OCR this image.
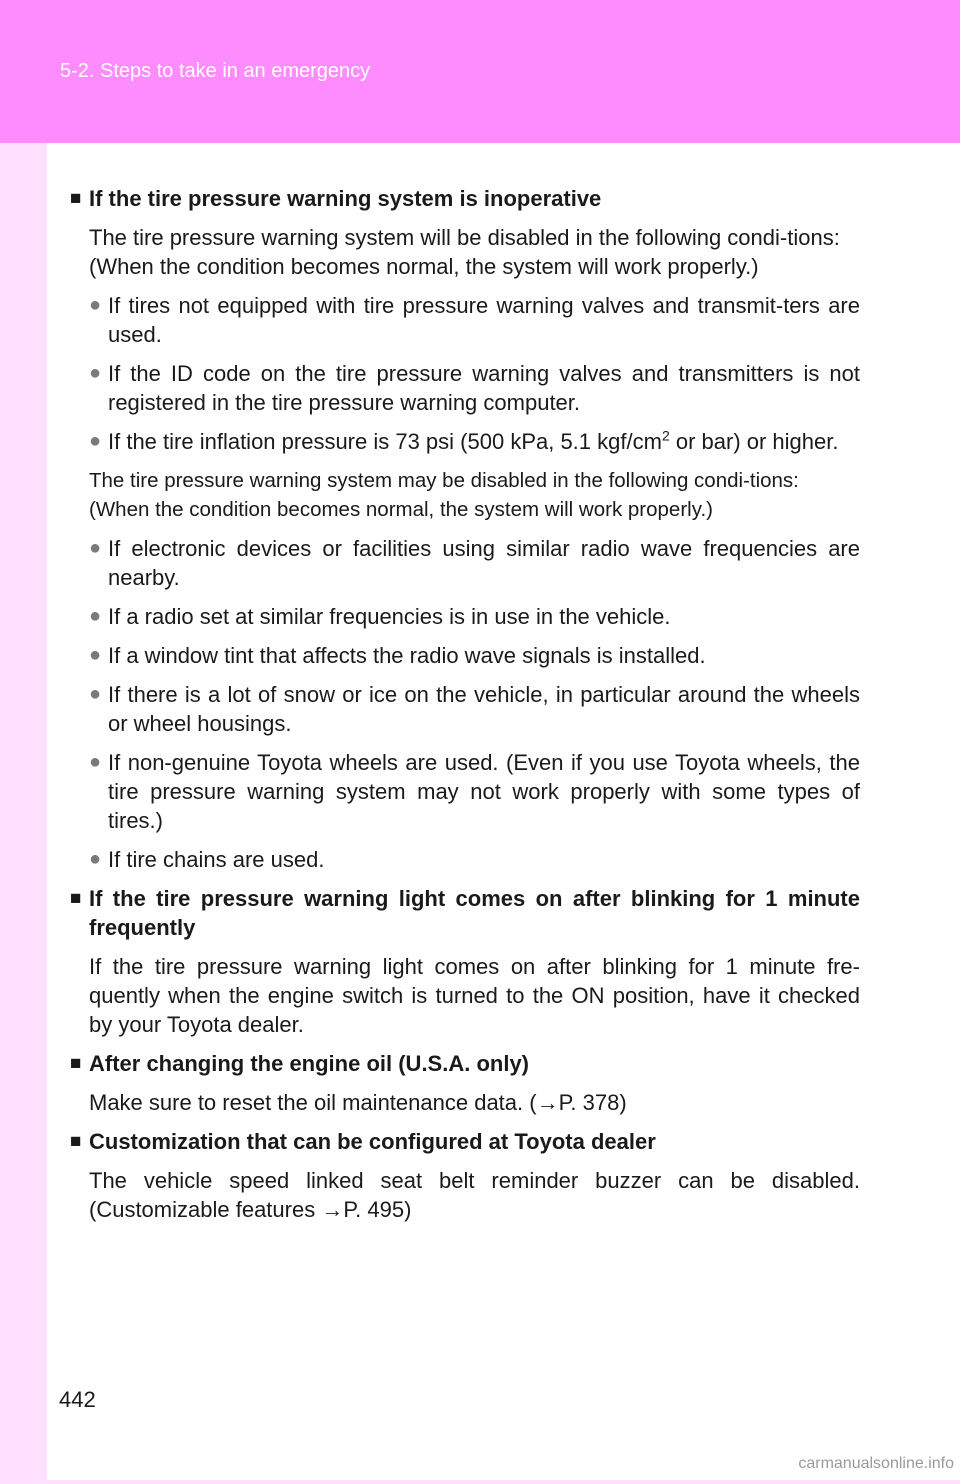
5-2. Steps to take in an emergency
■ If the tire pressure warning system is inoperative
The tire pressure warning system will be disabled in the following condi-tions:
(When the condition becomes normal, the system will work properly.)
● If tires not equipped with tire pressure warning valves and transmit-ters are used.
● If the ID code on the tire pressure warning valves and transmitters is not registered in the tire pressure warning computer.
● If the tire inflation pressure is 73 psi (500 kPa, 5.1 kgf/$cm^2$ or bar) or higher.
The tire pressure warning system may be disabled in the following condi-tions:
(When the condition becomes normal, the system will work properly.)
● If electronic devices or facilities using similar radio wave frequencies are nearby.
● If a radio set at similar frequencies is in use in the vehicle.
● If a window tint that affects the radio wave signals is installed.
● If there is a lot of snow or ice on the vehicle, in particular around the wheels or wheel housings.
● If non-genuine Toyota wheels are used. (Even if you use Toyota wheels, the tire pressure warning system may not work properly with some types of tires.)
● If tire chains are used.
■ If the tire pressure warning light comes on after blinking for 1 minute frequently
If the tire pressure warning light comes on after blinking for 1 minute fre-quently when the engine switch is turned to the ON position, have it checked by your Toyota dealer.
■ After changing the engine oil (U.S.A. only)
Make sure to reset the oil maintenance data. (→P. 378)
■ Customization that can be configured at Toyota dealer
The vehicle speed linked seat belt reminder buzzer can be disabled. (Customizable features →P. 495)
442
carmanualsonline.info
